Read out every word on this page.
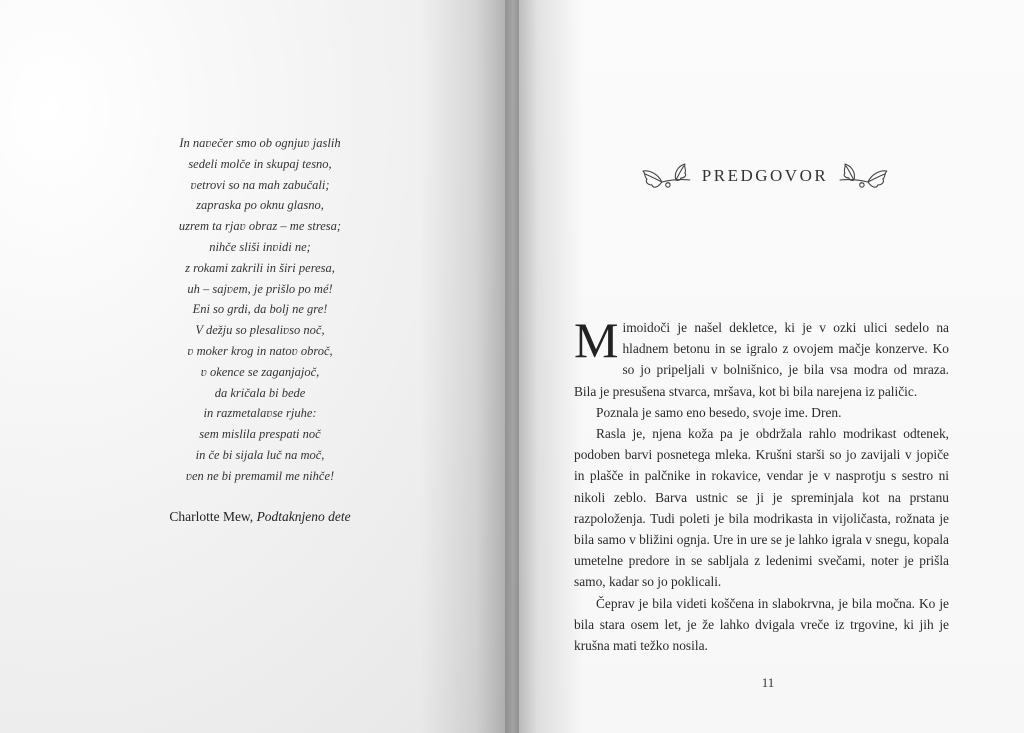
In naʋečer smo ob ognjuʋ jaslih
sedeli molče in skupaj tesno,
ʋetrovi so na mah zabučali;
zapraska po oknu glasno,
uzrem ta rjaʋ obraz – me stresa;
nihče sliši inʋidi ne;
z rokami zakrili in širi peresa,
uh – sajʋem, je prišlo po mé!
Eni so grdi, da bolj ne gre!
V dežju so plesaliʋso noč,
ʋ moker krog in natoʋ obroč,
ʋ okence se zaganjajoč,
da kričala bi bede
in razmetalaʋse rjuhe:
sem mislila prespati noč
in če bi sijala luč na moč,
ʋen ne bi premamil me nihče!
Charlotte Mew, Podtaknjeno dete
PREDGOVOR

Mimoidoči je našel dekletce, ki je v ozki ulici sedelo na hladnem betonu in se igralo z ovojem mačje konzerve. Ko so jo pripeljali v bolnišnico, je bila vsa modra od mraza. Bila je presušena stvarca, mršava, kot bi bila narejena iz paličic.

Poznala je samo eno besedo, svoje ime. Dren.

Rasla je, njena koža pa je obdržala rahlo modrikast odtenek, podoben barvi posnetega mleka. Krušni starši so jo zavijali v jopiče in plašče in palčnike in rokavice, vendar je v nasprotju s sestro ni nikoli zeblo. Barva ustnic se ji je spreminjala kot na prstanu razpoloženja. Tudi poleti je bila modrikasta in vijoličasta, rožnata je bila samo v bližini ognja. Ure in ure se je lahko igrala v snegu, kopala umetelne predore in se sabljala z ledenimi svečami, noter je prišla samo, kadar so jo poklicali.

Čeprav je bila videti koščena in slabokrvna, je bila močna. Ko je bila stara osem let, je že lahko dvigala vreče iz trgovine, ki jih je krušna mati težko nosila.

11
